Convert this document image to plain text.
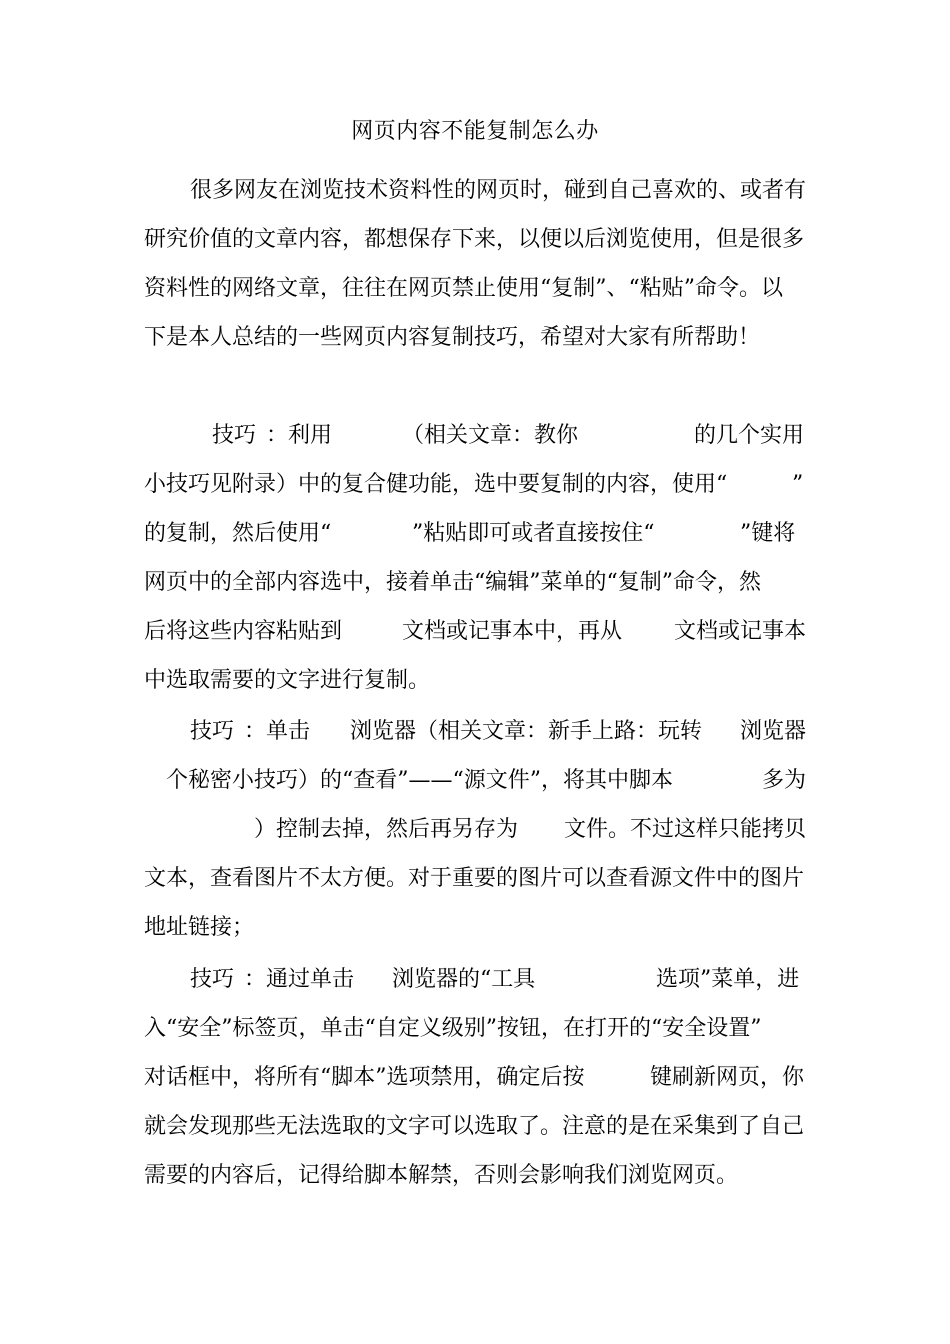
网页内容不能复制怎么办
很多网友在浏览技术资料性的网页时，碰到自己喜欢的、或者有
研究价值的文章内容，都想保存下来，以便以后浏览使用，但是很多
资料性的网络文章，往往在网页禁止使用“复制”、“粘贴”命令。以
下是本人总结的一些网页内容复制技巧，希望对大家有所帮助！
技巧 ：利用	（相关文章：教你	的几个实用
小技巧见附录）中的复合健功能，选中要复制的内容，使用“	”
的复制，然后使用“	”粘贴即可或者直接按住“	”键将
网页中的全部内容选中，接着单击“编辑”菜单的“复制”命令，然
后将这些内容粘贴到	文档或记事本中，再从 文档或记事本
中选取需要的文字进行复制。
技巧 ：单击 浏览器（相关文章：新手上路：玩转 浏览器
个秘密小技巧）的“查看”——“源文件”，将其中脚本	多为
）控制去掉，然后再另存为 文件。不过这样只能拷贝
文本，查看图片不太方便。对于重要的图片可以查看源文件中的图片
地址链接；
技巧 ：通过单击 浏览器的“工具	选项”菜单，进
入“安全”标签页，单击“自定义级别”按钮，在打开的“安全设置”
对话框中，将所有“脚本”选项禁用，确定后按	键刷新网页，你
就会发现那些无法选取的文字可以选取了。注意的是在采集到了自己
需要的内容后，记得给脚本解禁，否则会影响我们浏览网页。
